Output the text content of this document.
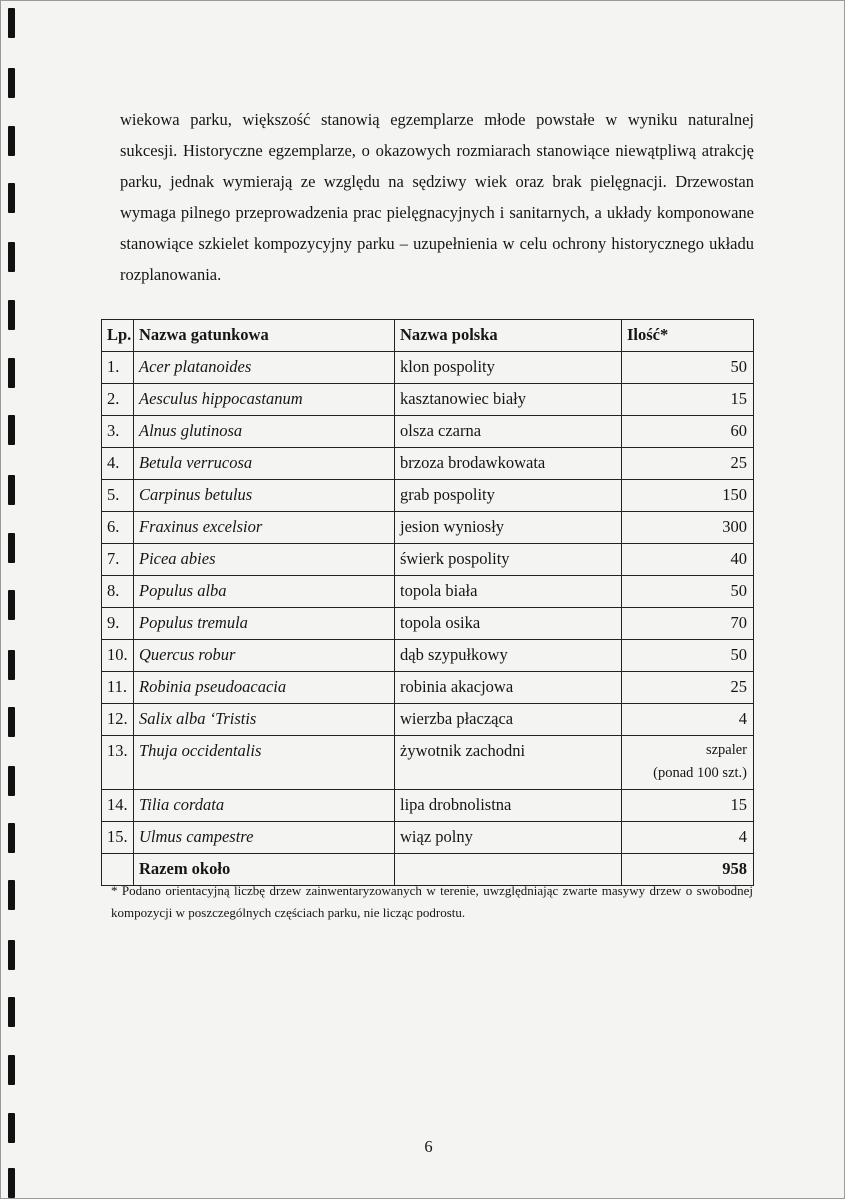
wiekowa parku, większość stanowią egzemplarze młode powstałe w wyniku naturalnej sukcesji. Historyczne egzemplarze, o okazowych rozmiarach stanowiące niewątpliwą atrakcję parku, jednak wymierają ze względu na sędziwy wiek oraz brak pielęgnacji. Drzewostan wymaga pilnego przeprowadzenia prac pielęgnacyjnych i sanitarnych, a układy komponowane stanowiące szkielet kompozycyjny parku – uzupełnienia w celu ochrony historycznego układu rozplanowania.

Lp.	Nazwa gatunkowa	Nazwa polska	Ilość*
1.	Acer platanoides	klon pospolity	50
2.	Aesculus hippocastanum	kasztanowiec biały	15
3.	Alnus glutinosa	olsza czarna	60
4.	Betula verrucosa	brzoza brodawkowata	25
5.	Carpinus betulus	grab pospolity	150
6.	Fraxinus excelsior	jesion wyniosły	300
7.	Picea abies	świerk pospolity	40
8.	Populus alba	topola biała	50
9.	Populus tremula	topola osika	70
10.	Quercus robur	dąb szypułkowy	50
11.	Robinia pseudoacacia	robinia akacjowa	25
12.	Salix alba ‘Tristis	wierzba płacząca	4
13.	Thuja occidentalis	żywotnik zachodni	szpaler
(ponad 100 szt.)

14.	Tilia cordata	lipa drobnolistna	15
15.	Ulmus campestre	wiąz polny	4
	Razem około		958

* Podano orientacyjną liczbę drzew zainwentaryzowanych w terenie, uwzględniając zwarte masywy drzew o swobodnej kompozycji w poszczególnych częściach parku, nie licząc podrostu.

6
